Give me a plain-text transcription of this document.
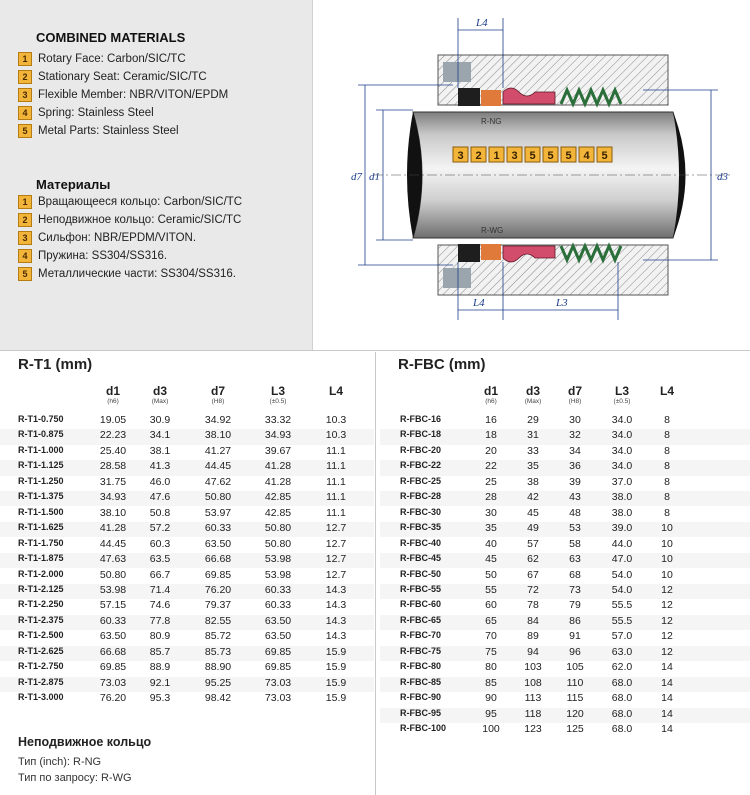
COMBINED MATERIALS
1 Rotary Face: Carbon/SIC/TC
2 Stationary Seat: Ceramic/SIC/TC
3 Flexible Member: NBR/VITON/EPDM
4 Spring: Stainless Steel
5 Metal Parts: Stainless Steel
Материалы
1 Вращающееся кольцо: Carbon/SIC/TC
2 Неподвижное кольцо: Ceramic/SIC/TC
3 Сильфон: NBR/EPDM/VITON.
4 Пружина: SS304/SS316.
5 Металлические части: SS304/SS316.
3 2 1 3 5 5 5 4 5
R-NG
R-WG
L4
L4	L3
d7 d1	d3
R-T1 (mm)
d1
(h6)
d3
(Max)
d7
(H8)
L3
(±0.5)
L4
R-T1-0.750	19.05	30.9	34.92	33.32	10.3
R-T1-0.875	22.23	34.1	38.10	34.93	10.3
R-T1-1.000	25.40	38.1	41.27	39.67	11.1
R-T1-1.125	28.58	41.3	44.45	41.28	11.1
R-T1-1.250	31.75	46.0	47.62	41.28	11.1
R-T1-1.375	34.93	47.6	50.80	42.85	11.1
R-T1-1.500	38.10	50.8	53.97	42.85	11.1
R-T1-1.625	41.28	57.2	60.33	50.80	12.7
R-T1-1.750	44.45	60.3	63.50	50.80	12.7
R-T1-1.875	47.63	63.5	66.68	53.98	12.7
R-T1-2.000	50.80	66.7	69.85	53.98	12.7
R-T1-2.125	53.98	71.4	76.20	60.33	14.3
R-T1-2.250	57.15	74.6	79.37	60.33	14.3
R-T1-2.375	60.33	77.8	82.55	63.50	14.3
R-T1-2.500	63.50	80.9	85.72	63.50	14.3
R-T1-2.625	66.68	85.7	85.73	69.85	15.9
R-T1-2.750	69.85	88.9	88.90	69.85	15.9
R-T1-2.875	73.03	92.1	95.25	73.03	15.9
R-T1-3.000	76.20	95.3	98.42	73.03	15.9
R-FBC (mm)
d1
(h6)
d3
(Max)
d7
(H8)
L3
(±0.5)
L4
R-FBC-16	16	29	30	34.0	8
R-FBC-18	18	31	32	34.0	8
R-FBC-20	20	33	34	34.0	8
R-FBC-22	22	35	36	34.0	8
R-FBC-25	25	38	39	37.0	8
R-FBC-28	28	42	43	38.0	8
R-FBC-30	30	45	48	38.0	8
R-FBC-35	35	49	53	39.0	10
R-FBC-40	40	57	58	44.0	10
R-FBC-45	45	62	63	47.0	10
R-FBC-50	50	67	68	54.0	10
R-FBC-55	55	72	73	54.0	12
R-FBC-60	60	78	79	55.5	12
R-FBC-65	65	84	86	55.5	12
R-FBC-70	70	89	91	57.0	12
R-FBC-75	75	94	96	63.0	12
R-FBC-80	80	103	105	62.0	14
R-FBC-85	85	108	110	68.0	14
R-FBC-90	90	113	115	68.0	14
R-FBC-95	95	118	120	68.0	14
R-FBC-100	100	123	125	68.0	14
Неподвижное кольцо
Тип (inch): R-NG
Тип по запросу: R-WG
